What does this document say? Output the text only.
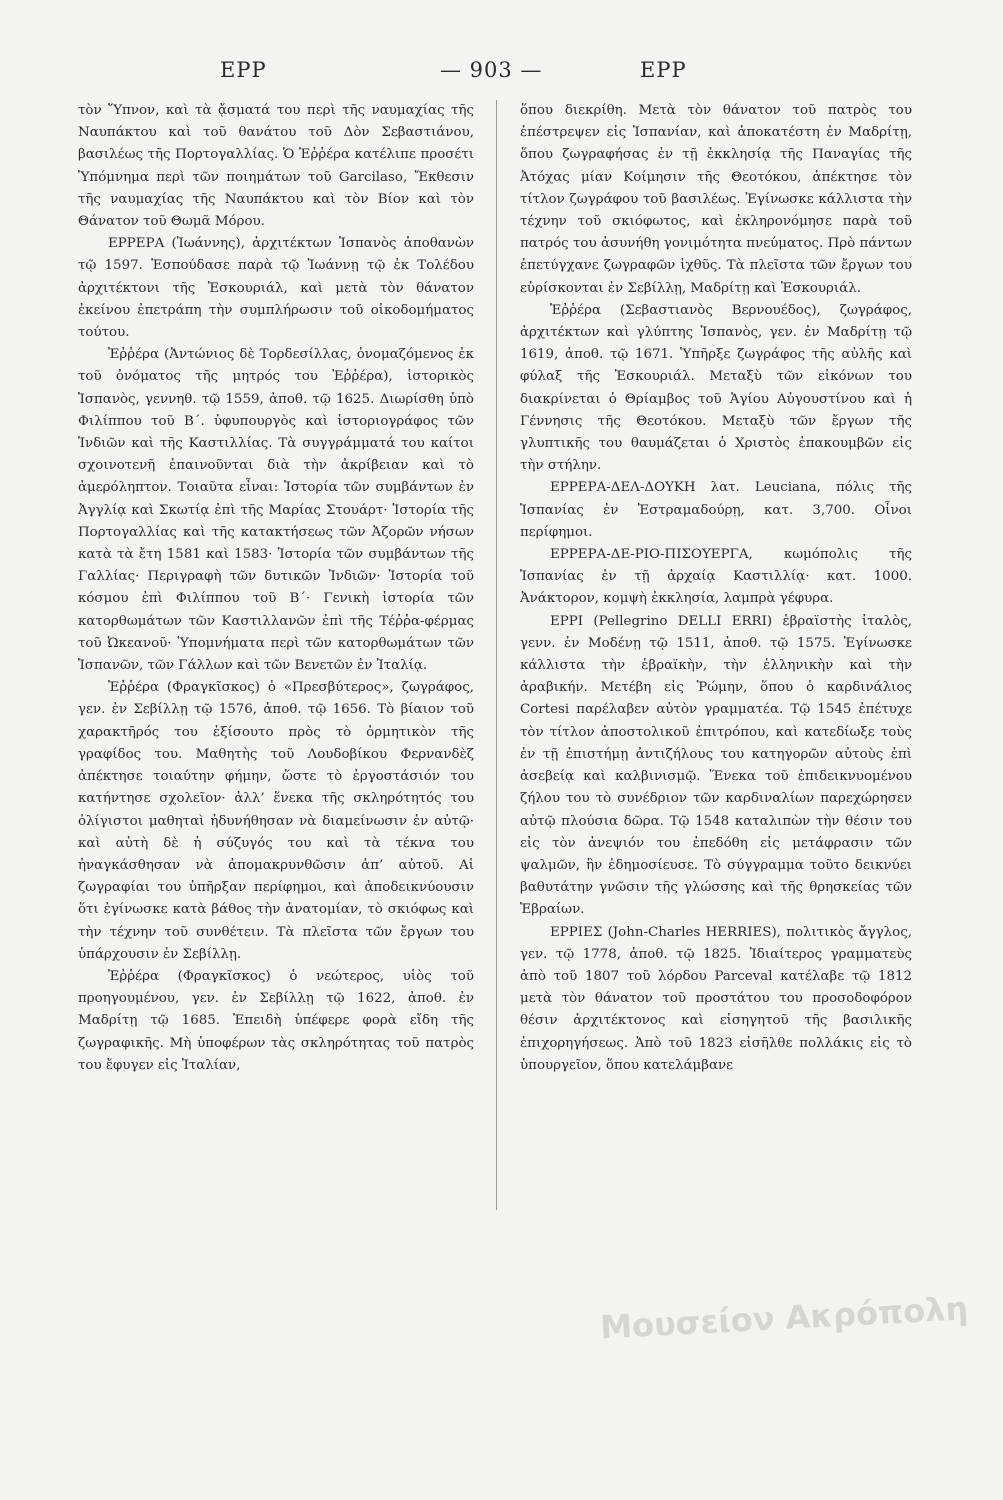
ΕΡΡ	— 903 —	ΕΡΡ

τὸν Ὕπνον, καὶ τὰ ᾄσματά του περὶ τῆς ναυμαχίας τῆς Ναυπάκτου καὶ τοῦ θανάτου τοῦ Δὸν Σεβαστιάνου, βασιλέως τῆς Πορτογαλλίας. Ὁ Ἐῤῥέρα κατέλιπε προσέτι Ὑπόμνημα περὶ τῶν ποιημάτων τοῦ Garcilaso, Ἔκθεσιν τῆς ναυμαχίας τῆς Ναυπάκτου καὶ τὸν Βίον καὶ τὸν Θάνατον τοῦ Θωμᾶ Μόρου.

ΕΡΡΕΡΑ (Ἰωάννης), ἀρχιτέκτων Ἱσπανὸς ἀποθανὼν τῷ 1597. Ἐσπούδασε παρὰ τῷ Ἰωάννῃ τῷ ἐκ Τολέδου ἀρχιτέκτονι τῆς Ἐσκουριάλ, καὶ μετὰ τὸν θάνατον ἐκείνου ἐπετράπη τὴν συμπλήρωσιν τοῦ οἰκοδομήματος τούτου.

Ἐῤῥέρα (Ἀντώνιος δὲ Τορδεσίλλας, ὀνομαζόμενος ἐκ τοῦ ὀνόματος τῆς μητρός του Ἐῤῥέρα), ἱστορικὸς Ἱσπανὸς, γεννηθ. τῷ 1559, ἀποθ. τῷ 1625. Διωρίσθη ὑπὸ Φιλίππου τοῦ Β΄. ὑφυπουργὸς καὶ ἱστοριογράφος τῶν Ἰνδιῶν καὶ τῆς Καστιλλίας. Τὰ συγγράμματά του καίτοι σχοινοτενῆ ἐπαινοῦνται διὰ τὴν ἀκρίβειαν καὶ τὸ ἀμερόληπτον. Τοιαῦτα εἶναι: Ἱστορία τῶν συμβάντων ἐν Ἀγγλίᾳ καὶ Σκωτίᾳ ἐπὶ τῆς Μαρίας Στουάρτ· Ἱστορία τῆς Πορτογαλλίας καὶ τῆς κατακτήσεως τῶν Ἀζορῶν νήσων κατὰ τὰ ἔτη 1581 καὶ 1583· Ἱστορία τῶν συμβάντων τῆς Γαλλίας· Περιγραφὴ τῶν δυτικῶν Ἰνδιῶν· Ἱστορία τοῦ κόσμου ἐπὶ Φιλίππου τοῦ Β΄· Γενικὴ ἱστορία τῶν κατορθωμάτων τῶν Καστιλλανῶν ἐπὶ τῆς Τέῤῥα-φέρμας τοῦ Ὠκεανοῦ· Ὑπομνήματα περὶ τῶν κατορθωμάτων τῶν Ἱσπανῶν, τῶν Γάλλων καὶ τῶν Βενετῶν ἐν Ἰταλίᾳ.

Ἐῤῥέρα (Φραγκῖσκος) ὁ «Πρεσβύτερος», ζωγράφος, γεν. ἐν Σεβίλλῃ τῷ 1576, ἀποθ. τῷ 1656. Τὸ βίαιον τοῦ χαρακτῆρός του ἐξίσουτο πρὸς τὸ ὁρμητικὸν τῆς γραφίδος του. Μαθητὴς τοῦ Λουδοβίκου Φερνανδὲζ ἀπέκτησε τοιαύτην φήμην, ὥστε τὸ ἐργοστάσιόν του κατήντησε σχολεῖον· ἀλλ’ ἕνεκα τῆς σκληρότητός του ὀλίγιστοι μαθηταὶ ἠδυνήθησαν νὰ διαμείνωσιν ἐν αὐτῷ· καὶ αὐτὴ δὲ ἡ σύζυγός του καὶ τὰ τέκνα του ἠναγκάσθησαν νὰ ἀπομακρυνθῶσιν ἀπ’ αὐτοῦ. Αἱ ζωγραφίαι του ὑπῆρξαν περίφημοι, καὶ ἀποδεικνύουσιν ὅτι ἐγίνωσκε κατὰ βάθος τὴν ἀνατομίαν, τὸ σκιόφως καὶ τὴν τέχνην τοῦ συνθέτειν. Τὰ πλεῖστα τῶν ἔργων του ὑπάρχουσιν ἐν Σεβίλλῃ.

Ἐῤῥέρα (Φραγκῖσκος) ὁ νεώτερος, υἱὸς τοῦ προηγουμένου, γεν. ἐν Σεβίλλῃ τῷ 1622, ἀποθ. ἐν Μαδρίτῃ τῷ 1685. Ἐπειδὴ ὑπέφερε φορὰ εἴδη τῆς ζωγραφικῆς. Μὴ ὑποφέρων τὰς σκληρότητας τοῦ πατρὸς του ἔφυγεν εἰς Ἰταλίαν,

ὅπου διεκρίθη. Μετὰ τὸν θάνατον τοῦ πατρὸς του ἐπέστρεψεν εἰς Ἱσπανίαν, καὶ ἀποκατέστη ἐν Μαδρίτῃ, ὅπου ζωγραφήσας ἐν τῇ ἐκκλησίᾳ τῆς Παναγίας τῆς Ἀτόχας μίαν Κοίμησιν τῆς Θεοτόκου, ἀπέκτησε τὸν τίτλον ζωγράφου τοῦ βασιλέως. Ἐγίνωσκε κάλλιστα τὴν τέχνην τοῦ σκιόφωτος, καὶ ἐκληρονόμησε παρὰ τοῦ πατρός του ἀσυνήθη γονιμότητα πνεύματος. Πρὸ πάντων ἐπετύγχανε ζωγραφῶν ἰχθῦς. Τὰ πλεῖστα τῶν ἔργων του εὑρίσκονται ἐν Σεβίλλῃ, Μαδρίτῃ καὶ Ἐσκουριάλ.

Ἐῤῥέρα (Σεβαστιανὸς Βερνουέδος), ζωγράφος, ἀρχιτέκτων καὶ γλύπτης Ἱσπανὸς, γεν. ἐν Μαδρίτῃ τῷ 1619, ἀποθ. τῷ 1671. Ὑπῆρξε ζωγράφος τῆς αὐλῆς καὶ φύλαξ τῆς Ἐσκουριάλ. Μεταξὺ τῶν εἰκόνων του διακρίνεται ὁ Θρίαμβος τοῦ Ἁγίου Αὐγουστίνου καὶ ἡ Γέννησις τῆς Θεοτόκου. Μεταξὺ τῶν ἔργων τῆς γλυπτικῆς του θαυμάζεται ὁ Χριστὸς ἐπακουμβῶν εἰς τὴν στήλην.

ΕΡΡΕΡΑ-ΔΕΛ-ΔΟΥΚΗ λατ. Leuciana, πόλις τῆς Ἱσπανίας ἐν Ἐστραμαδούρῃ, κατ. 3,700. Οἶνοι περίφημοι.

ΕΡΡΕΡΑ-ΔΕ-ΡΙΟ-ΠΙΣΟΥΕΡΓΑ, κωμόπολις τῆς Ἱσπανίας ἐν τῇ ἀρχαίᾳ Καστιλλίᾳ· κατ. 1000. Ἀνάκτορον, κομψὴ ἐκκλησία, λαμπρὰ γέφυρα.

ΕΡΡΙ (Pellegrino DELLI ERRI) ἑβραϊστὴς ἰταλὸς, γενν. ἐν Μοδένῃ τῷ 1511, ἀποθ. τῷ 1575. Ἐγίνωσκε κάλλιστα τὴν ἑβραϊκὴν, τὴν ἑλληνικὴν καὶ τὴν ἀραβικήν. Μετέβη εἰς Ῥώμην, ὅπου ὁ καρδινάλιος Cortesi παρέλαβεν αὐτὸν γραμματέα. Τῷ 1545 ἐπέτυχε τὸν τίτλον ἀποστολικοῦ ἐπιτρόπου, καὶ κατεδίωξε τοὺς ἐν τῇ ἐπιστήμῃ ἀντιζήλους του κατηγορῶν αὐτοὺς ἐπὶ ἀσεβείᾳ καὶ καλβινισμῷ. Ἕνεκα τοῦ ἐπιδεικνυομένου ζήλου του τὸ συνέδριον τῶν καρδιναλίων παρεχώρησεν αὐτῷ πλούσια δῶρα. Τῷ 1548 καταλιπὼν τὴν θέσιν του εἰς τὸν ἀνεψιόν του ἐπεδόθη εἰς μετάφρασιν τῶν ψαλμῶν, ἣν ἐδημοσίευσε. Τὸ σύγγραμμα τοῦτο δεικνύει βαθυτάτην γνῶσιν τῆς γλώσσης καὶ τῆς θρησκείας τῶν Ἑβραίων.

ΕΡΡΙΕΣ (John-Charles HERRIES), πολιτικὸς ἄγγλος, γεν. τῷ 1778, ἀποθ. τῷ 1825. Ἰδιαίτερος γραμματεὺς ἀπὸ τοῦ 1807 τοῦ λόρδου Parceval κατέλαβε τῷ 1812 μετὰ τὸν θάνατον τοῦ προστάτου του προσοδοφόρον θέσιν ἀρχιτέκτονος καὶ εἰσηγητοῦ τῆς βασιλικῆς ἐπιχορηγήσεως. Ἀπὸ τοῦ 1823 εἰσῆλθε πολλάκις εἰς τὸ ὑπουργεῖον, ὅπου κατελάμβανε

Μουσείον Ακρόπολη
